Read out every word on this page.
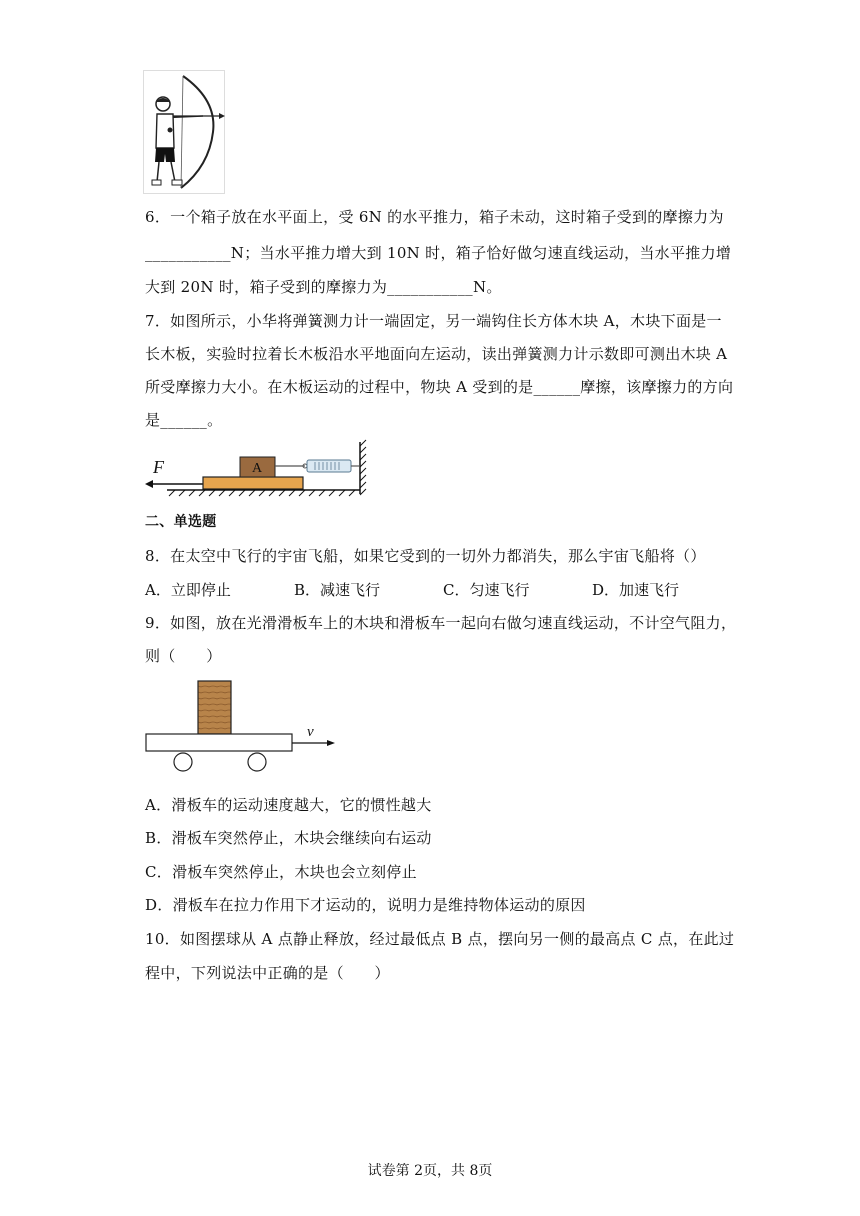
6．一个箱子放在水平面上，受 6N 的水平推力，箱子未动，这时箱子受到的摩擦力为
___________N；当水平推力增大到 10N 时，箱子恰好做匀速直线运动，当水平推力增
大到 20N 时，箱子受到的摩擦力为___________N。
7．如图所示，小华将弹簧测力计一端固定，另一端钩住长方体木块 A，木块下面是一
长木板，实验时拉着长木板沿水平地面向左运动，读出弹簧测力计示数即可测出木块 A
所受摩擦力大小。在木板运动的过程中，物块 A 受到的是______摩擦，该摩擦力的方向
是______。
F	A
二、单选题
8．在太空中飞行的宇宙飞船，如果它受到的一切外力都消失，那么宇宙飞船将（）
A．立即停止	B．减速飞行	C．匀速飞行	D．加速飞行
9．如图，放在光滑滑板车上的木块和滑板车一起向右做匀速直线运动，不计空气阻力，
则（　　）
v
A．滑板车的运动速度越大，它的惯性越大
B．滑板车突然停止，木块会继续向右运动
C．滑板车突然停止，木块也会立刻停止
D．滑板车在拉力作用下才运动的，说明力是维持物体运动的原因
10．如图摆球从 A 点静止释放，经过最低点 B 点，摆向另一侧的最高点 C 点，在此过
程中，下列说法中正确的是（　　）
试卷第 2页，共 8页
